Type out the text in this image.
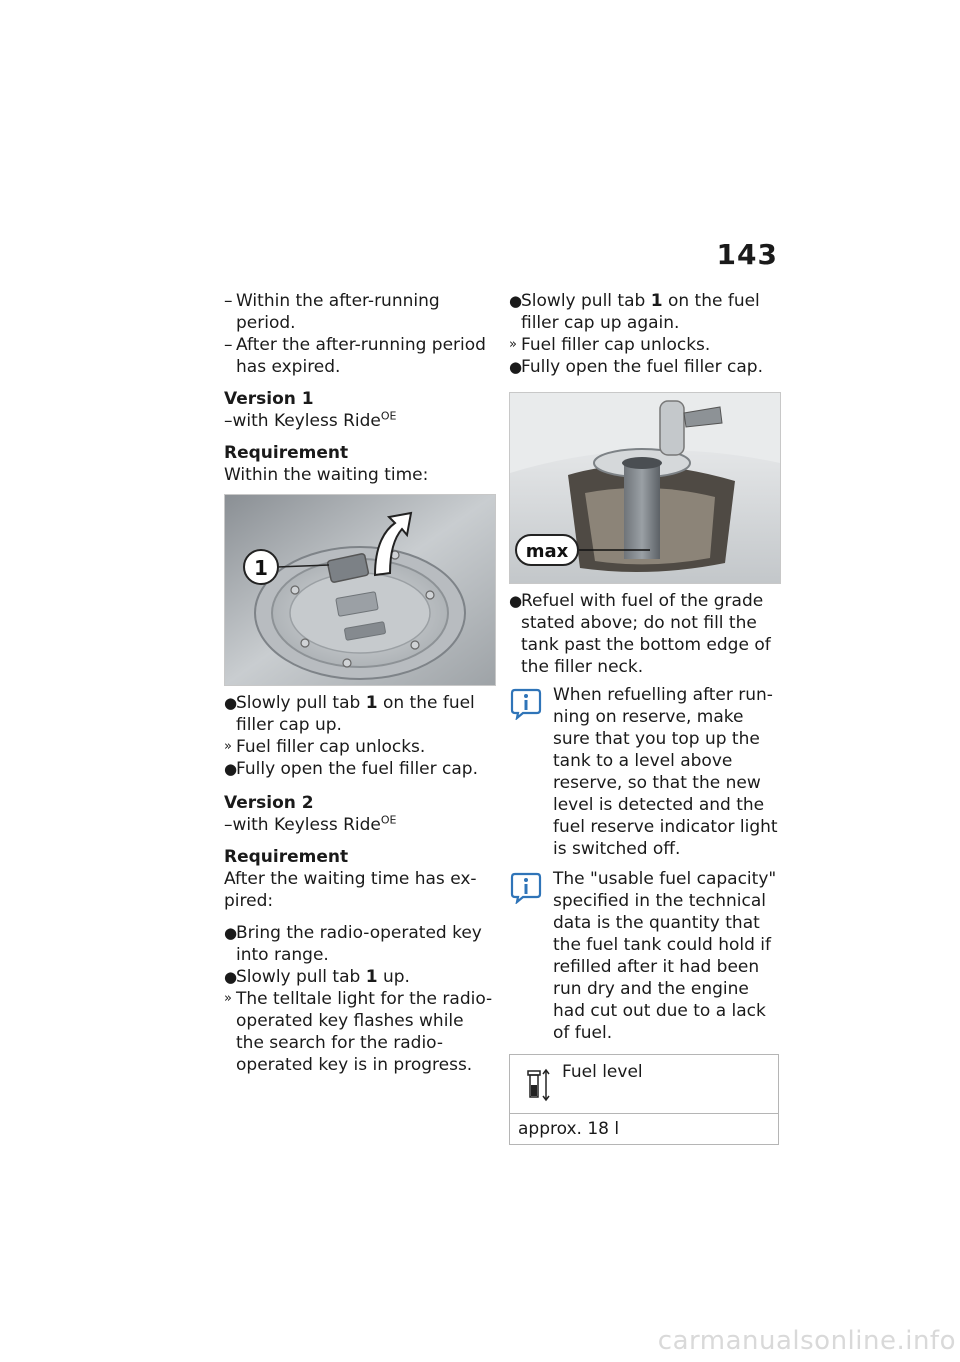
143

– Within the after-running period.

– After the after-running period has expired.

Version 1

–with Keyless Ride$^{OE}$

Requirement

Within the waiting time:

1

●
Slowly pull tab 1 on the fuel filler cap up.

» Fuel filler cap unlocks.

●
Fully open the fuel filler cap.

Version 2

–with Keyless Ride$^{OE}$

Requirement

After the waiting time has ex-pired:

●
Bring the radio-operated key into range.

●
Slowly pull tab 1 up.

» The telltale light for the radio-operated key flashes while the search for the radio-operated key is in progress.

●
Slowly pull tab 1 on the fuel filler cap up again.

» Fuel filler cap unlocks.

●
Fully open the fuel filler cap.

max

●
Refuel with fuel of the grade stated above; do not fill the tank past the bottom edge of the filler neck.

When refuelling after run-ning on reserve, make sure that you top up the tank to a level above reserve, so that the new level is detected and the fuel reserve indicator light is switched off.
The "usable fuel capacity" specified in the technical data is the quantity that the fuel tank could hold if refilled after it had been run dry and the engine had cut out due to a lack of fuel.
Fuel level
approx. 18 l
carmanualsonline.info
